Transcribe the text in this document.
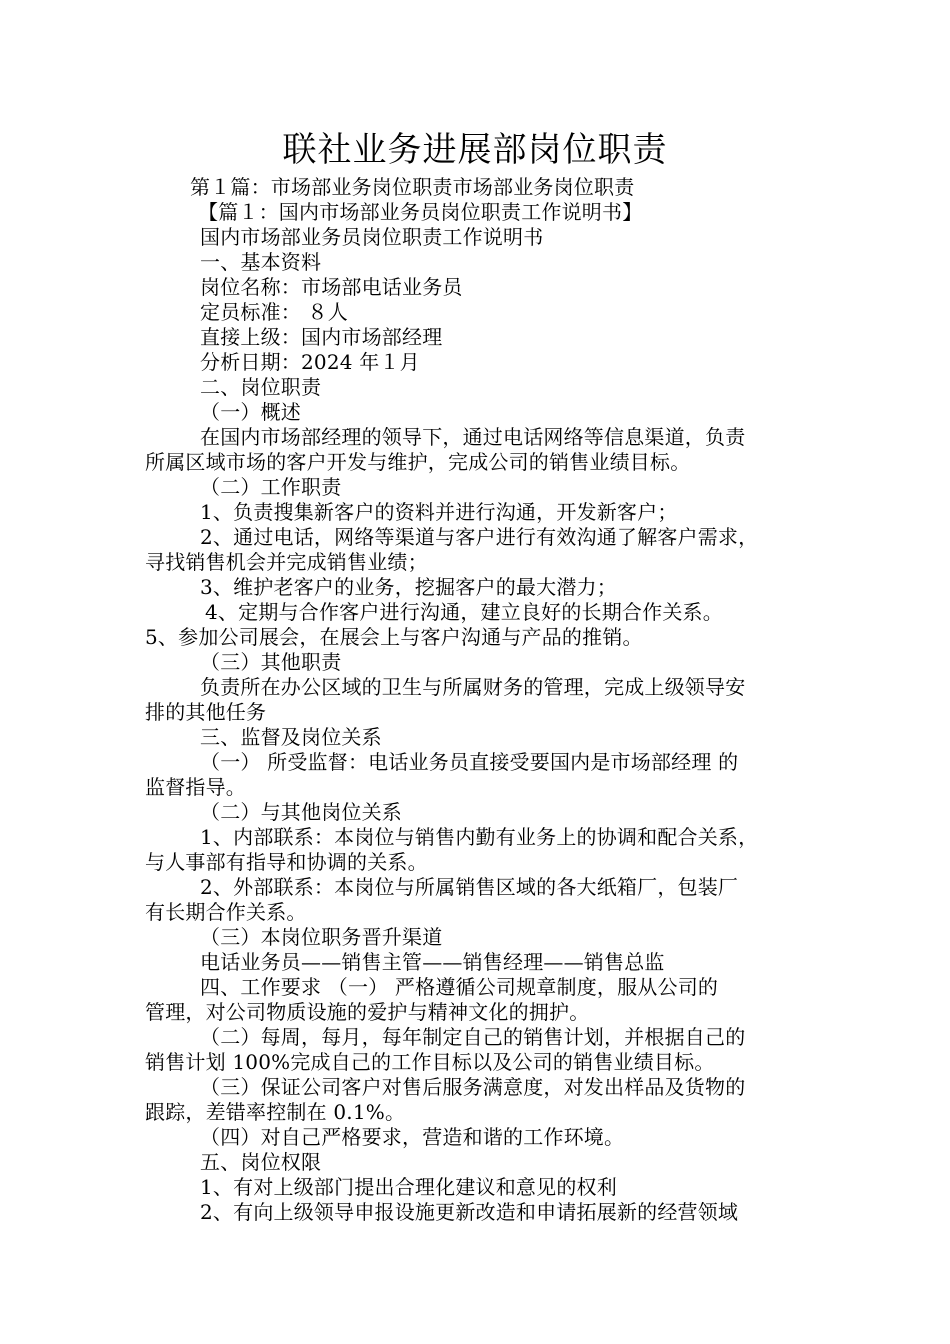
联社业务进展部岗位职责
第１篇：市场部业务岗位职责市场部业务岗位职责
【篇１：国内市场部业务员岗位职责工作说明书】
国内市场部业务员岗位职责工作说明书
一、基本资料
岗位名称：市场部电话业务员
定员标准： ８人
直接上级：国内市场部经理
分析日期：2024 年１月
二、岗位职责
（一）概述
在国内市场部经理的领导下，通过电话网络等信息渠道，负责
所属区域市场的客户开发与维护，完成公司的销售业绩目标。
（二）工作职责
1、负责搜集新客户的资料并进行沟通，开发新客户；
2、通过电话，网络等渠道与客户进行有效沟通了解客户需求，
寻找销售机会并完成销售业绩；
3、维护老客户的业务，挖掘客户的最大潜力；
4、定期与合作客户进行沟通，建立良好的长期合作关系。
5、参加公司展会，在展会上与客户沟通与产品的推销。
（三）其他职责
负责所在办公区域的卫生与所属财务的管理，完成上级领导安
排的其他任务
三、监督及岗位关系
（一） 所受监督：电话业务员直接受要国内是市场部经理 的
监督指导。
（二）与其他岗位关系
1、内部联系：本岗位与销售内勤有业务上的协调和配合关系，
与人事部有指导和协调的关系。
2、外部联系：本岗位与所属销售区域的各大纸箱厂，包装厂
有长期合作关系。
（三）本岗位职务晋升渠道
电话业务员——销售主管——销售经理——销售总监
四、工作要求 （一） 严格遵循公司规章制度，服从公司的
管理，对公司物质设施的爱护与精神文化的拥护。
（二）每周，每月，每年制定自己的销售计划，并根据自己的
销售计划 100%完成自己的工作目标以及公司的销售业绩目标。
（三）保证公司客户对售后服务满意度，对发出样品及货物的
跟踪，差错率控制在 0.1%。
（四）对自己严格要求，营造和谐的工作环境。
五、岗位权限
1、有对上级部门提出合理化建议和意见的权利
2、有向上级领导申报设施更新改造和申请拓展新的经营领域
